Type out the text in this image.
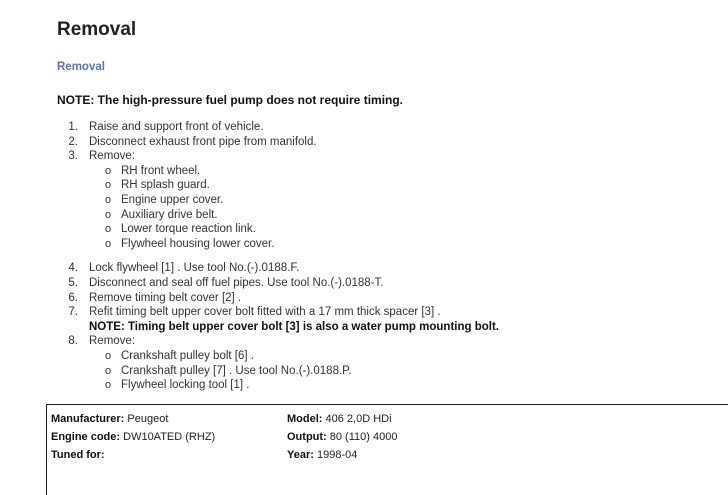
Removal
Removal
NOTE: The high-pressure fuel pump does not require timing.
1. Raise and support front of vehicle.
2. Disconnect exhaust front pipe from manifold.
3. Remove:
o RH front wheel.
o RH splash guard.
o Engine upper cover.
o Auxiliary drive belt.
o Lower torque reaction link.
o Flywheel housing lower cover.
4. Lock flywheel [1] . Use tool No.(-).0188.F.
5. Disconnect and seal off fuel pipes. Use tool No.(-).0188-T.
6. Remove timing belt cover [2] .
7. Refit timing belt upper cover bolt fitted with a 17 mm thick spacer [3] .
NOTE: Timing belt upper cover bolt [3] is also a water pump mounting bolt.
8. Remove:
o Crankshaft pulley bolt [6] .
o Crankshaft pulley [7] . Use tool No.(-).0188.P.
o Flywheel locking tool [1] .
Manufacturer: Peugeot
Engine code: DW10ATED (RHZ)
Tuned for:
Model: 406 2,0D HDi
Output: 80 (110) 4000
Year: 1998-04
